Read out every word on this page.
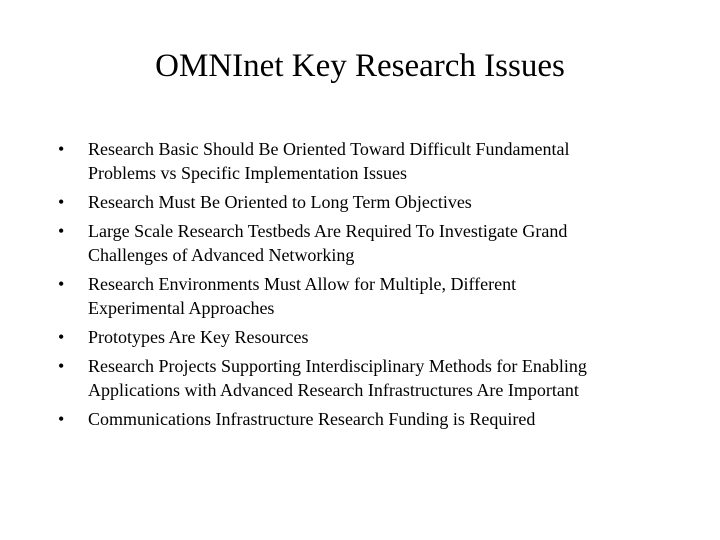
OMNInet Key Research Issues
•	Research Basic Should Be Oriented Toward Difficult Fundamental
Problems vs Specific Implementation Issues
•	Research Must Be Oriented to Long Term Objectives
•	Large Scale Research Testbeds Are Required To Investigate Grand
Challenges of Advanced Networking
•	Research Environments Must Allow for Multiple, Different
Experimental Approaches
•	Prototypes Are Key Resources
•	Research Projects Supporting Interdisciplinary Methods for Enabling
Applications with Advanced Research Infrastructures Are Important
•	Communications Infrastructure Research Funding is Required
